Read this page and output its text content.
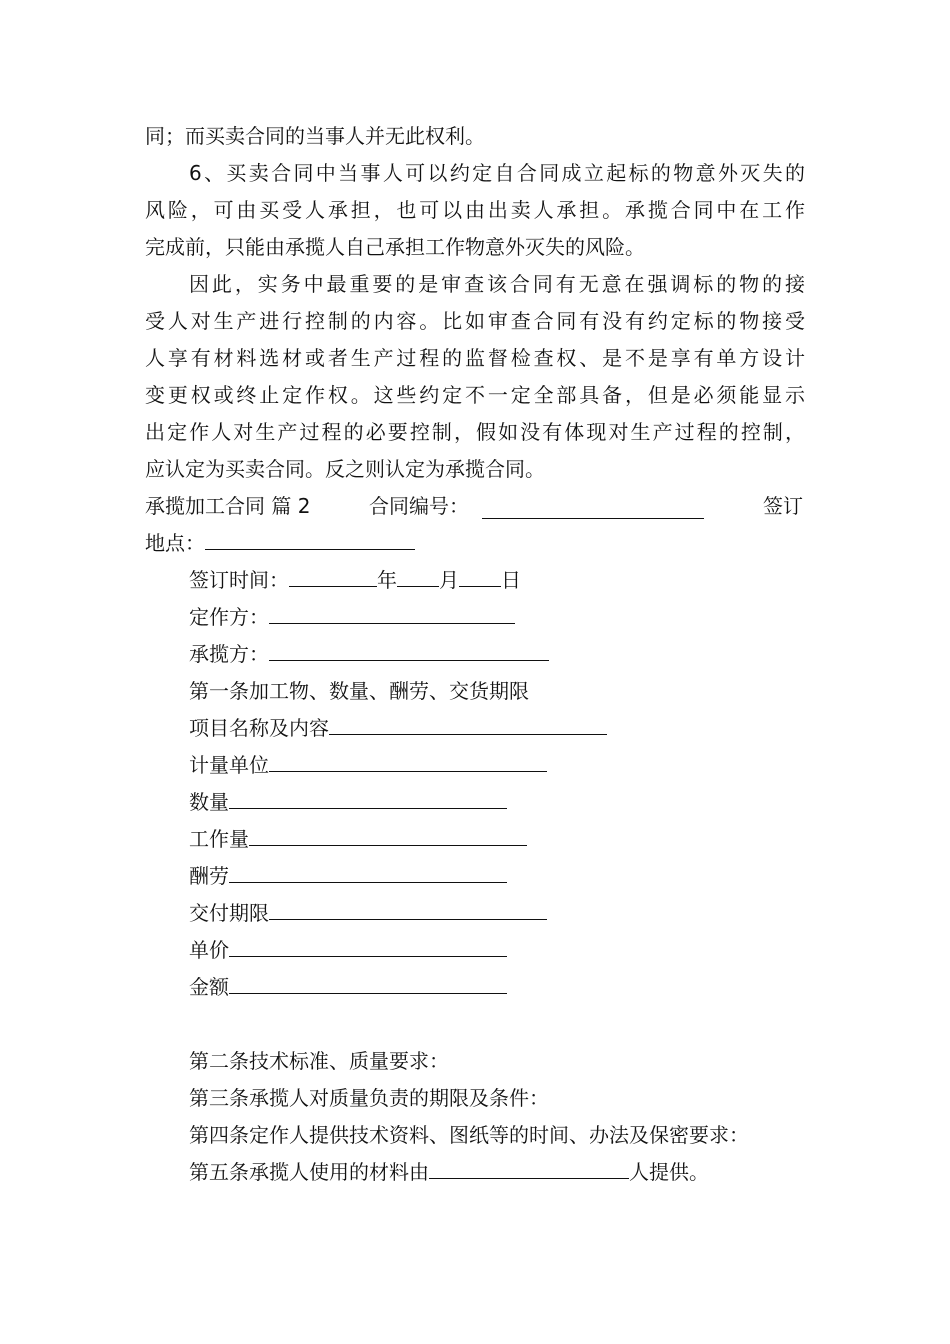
同；而买卖合同的当事人并无此权利。
6、买卖合同中当事人可以约定自合同成立起标的物意外灭失的
风险，可由买受人承担，也可以由出卖人承担。承揽合同中在工作
完成前，只能由承揽人自己承担工作物意外灭失的风险。
因此，实务中最重要的是审查该合同有无意在强调标的物的接
受人对生产进行控制的内容。比如审查合同有没有约定标的物接受
人享有材料选材或者生产过程的监督检查权、是不是享有单方设计
变更权或终止定作权。这些约定不一定全部具备，但是必须能显示
出定作人对生产过程的必要控制，假如没有体现对生产过程的控制，
应认定为买卖合同。反之则认定为承揽合同。
承揽加工合同 篇 2	合同编号：	签订
地点：
签订时间：	年 月 日
定作方：
承揽方：
第一条加工物、数量、酬劳、交货期限
项目名称及内容
计量单位
数量
工作量
酬劳
交付期限
单价
金额
第二条技术标准、质量要求：
第三条承揽人对质量负责的期限及条件：
第四条定作人提供技术资料、图纸等的时间、办法及保密要求：
第五条承揽人使用的材料由	人提供。
